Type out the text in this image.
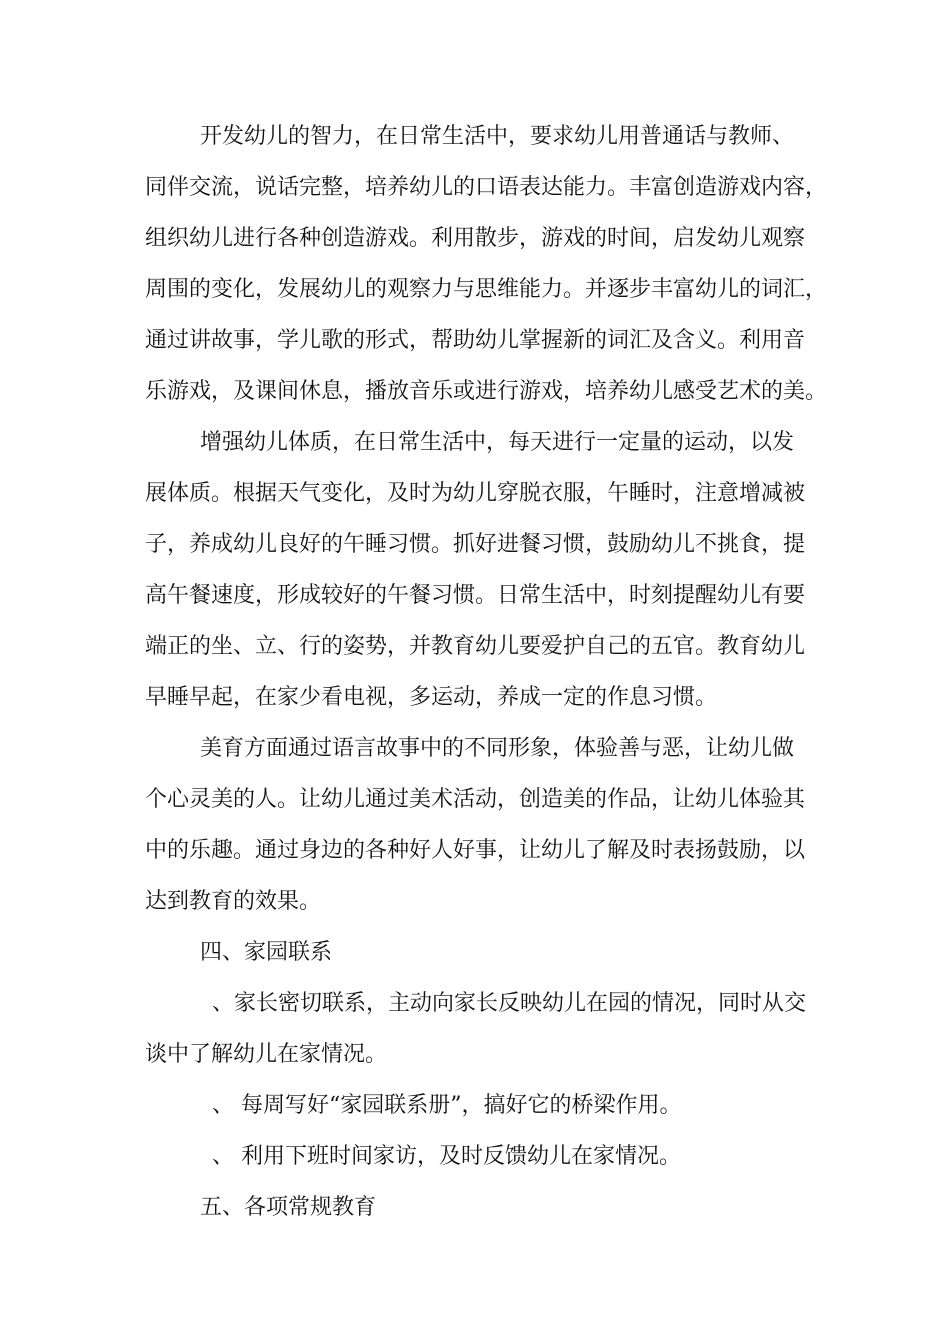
开发幼儿的智力，在日常生活中，要求幼儿用普通话与教师、
同伴交流，说话完整，培养幼儿的口语表达能力。丰富创造游戏内容，
组织幼儿进行各种创造游戏。利用散步，游戏的时间，启发幼儿观察
周围的变化，发展幼儿的观察力与思维能力。并逐步丰富幼儿的词汇，
通过讲故事，学儿歌的形式，帮助幼儿掌握新的词汇及含义。利用音
乐游戏，及课间休息，播放音乐或进行游戏，培养幼儿感受艺术的美。
增强幼儿体质，在日常生活中，每天进行一定量的运动，以发
展体质。根据天气变化，及时为幼儿穿脱衣服，午睡时，注意增减被
子，养成幼儿良好的午睡习惯。抓好进餐习惯，鼓励幼儿不挑食，提
高午餐速度，形成较好的午餐习惯。日常生活中，时刻提醒幼儿有要
端正的坐、立、行的姿势，并教育幼儿要爱护自己的五官。教育幼儿
早睡早起，在家少看电视，多运动，养成一定的作息习惯。
美育方面通过语言故事中的不同形象，体验善与恶，让幼儿做
个心灵美的人。让幼儿通过美术活动，创造美的作品，让幼儿体验其
中的乐趣。通过身边的各种好人好事，让幼儿了解及时表扬鼓励，以
达到教育的效果。
四、家园联系
、家长密切联系，主动向家长反映幼儿在园的情况，同时从交
谈中了解幼儿在家情况。
、 每周写好“家园联系册”，搞好它的桥梁作用。
、 利用下班时间家访，及时反馈幼儿在家情况。
五、各项常规教育
